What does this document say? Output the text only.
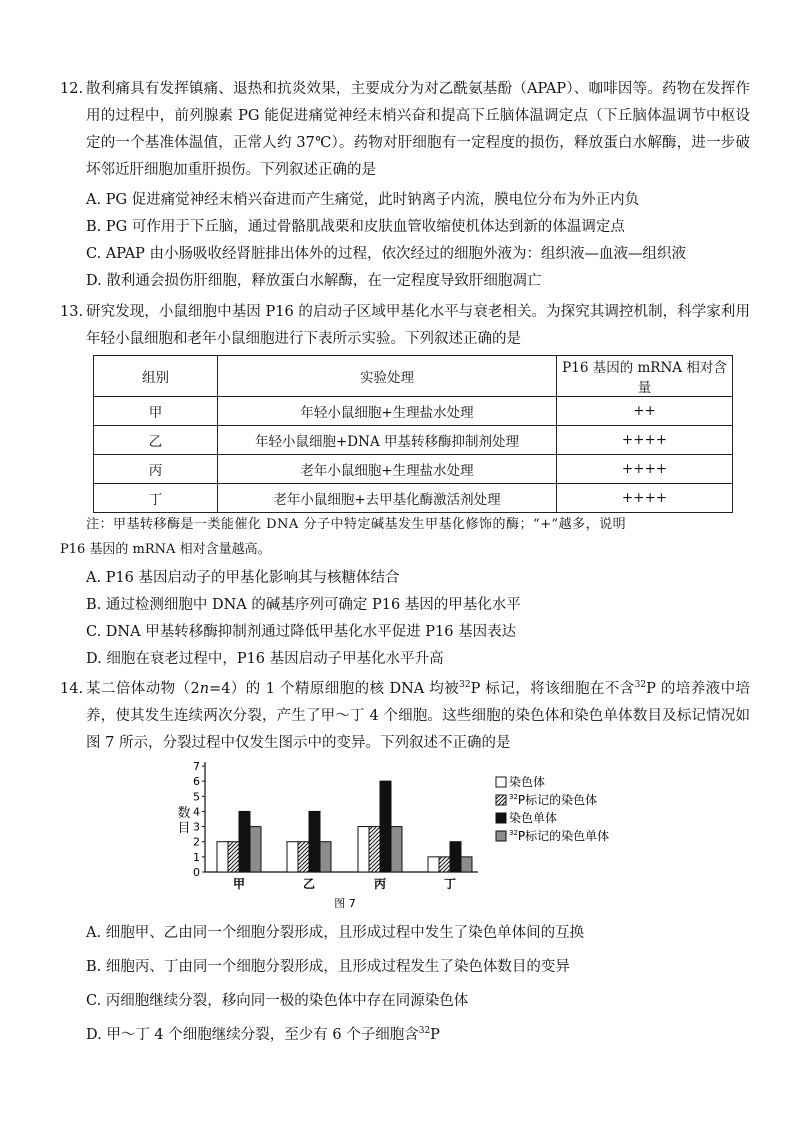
12. 散利痛具有发挥镇痛、退热和抗炎效果，主要成分为对乙酰氨基酚（APAP）、咖啡因等。药物在发挥作用的过程中，前列腺素 PG 能促进痛觉神经末梢兴奋和提高下丘脑体温调定点（下丘脑体温调节中枢设定的一个基准体温值，正常人约 37℃）。药物对肝细胞有一定程度的损伤，释放蛋白水解酶，进一步破坏邻近肝细胞加重肝损伤。下列叙述正确的是
A. PG 促进痛觉神经末梢兴奋进而产生痛觉，此时钠离子内流，膜电位分布为外正内负
B. PG 可作用于下丘脑，通过骨骼肌战栗和皮肤血管收缩使机体达到新的体温调定点
C. APAP 由小肠吸收经肾脏排出体外的过程，依次经过的细胞外液为：组织液—血液—组织液
D. 散利通会损伤肝细胞，释放蛋白水解酶，在一定程度导致肝细胞凋亡
13. 研究发现，小鼠细胞中基因 P16 的启动子区域甲基化水平与衰老相关。为探究其调控机制，科学家利用年轻小鼠细胞和老年小鼠细胞进行下表所示实验。下列叙述正确的是
组别	实验处理	P16 基因的 mRNA 相对含量
甲	年轻小鼠细胞+生理盐水处理	++
乙	年轻小鼠细胞+DNA 甲基转移酶抑制剂处理	++++
丙	老年小鼠细胞+生理盐水处理	++++
丁	老年小鼠细胞+去甲基化酶激活剂处理	++++
注：甲基转移酶是一类能催化 DNA 分子中特定碱基发生甲基化修饰的酶；“+”越多，说明
P16 基因的 mRNA 相对含量越高。
A. P16 基因启动子的甲基化影响其与核糖体结合
B. 通过检测细胞中 DNA 的碱基序列可确定 P16 基因的甲基化水平
C. DNA 甲基转移酶抑制剂通过降低甲基化水平促进 P16 基因表达
D. 细胞在衰老过程中，P16 基因启动子甲基化水平升高
14. 某二倍体动物（2n=4）的 1 个精原细胞的核 DNA 均被$^{32}$P 标记，将该细胞在不含$^{32}$P 的培养液中培养，使其发生连续两次分裂，产生了甲～丁 4 个细胞。这些细胞的染色体和染色单体数目及标记情况如图 7 所示，分裂过程中仅发生图示中的变异。下列叙述不正确的是
0
1
2
3
4
5
6
7
数
目
甲	乙	丙	丁
图 7
染色体
$^{32}$P标记的染色体
染色单体
$^{32}$P标记的染色单体
A. 细胞甲、乙由同一个细胞分裂形成，且形成过程中发生了染色单体间的互换
B. 细胞丙、丁由同一个细胞分裂形成，且形成过程发生了染色体数目的变异
C. 丙细胞继续分裂，移向同一极的染色体中存在同源染色体
D. 甲～丁 4 个细胞继续分裂，至少有 6 个子细胞含$^{32}$P
